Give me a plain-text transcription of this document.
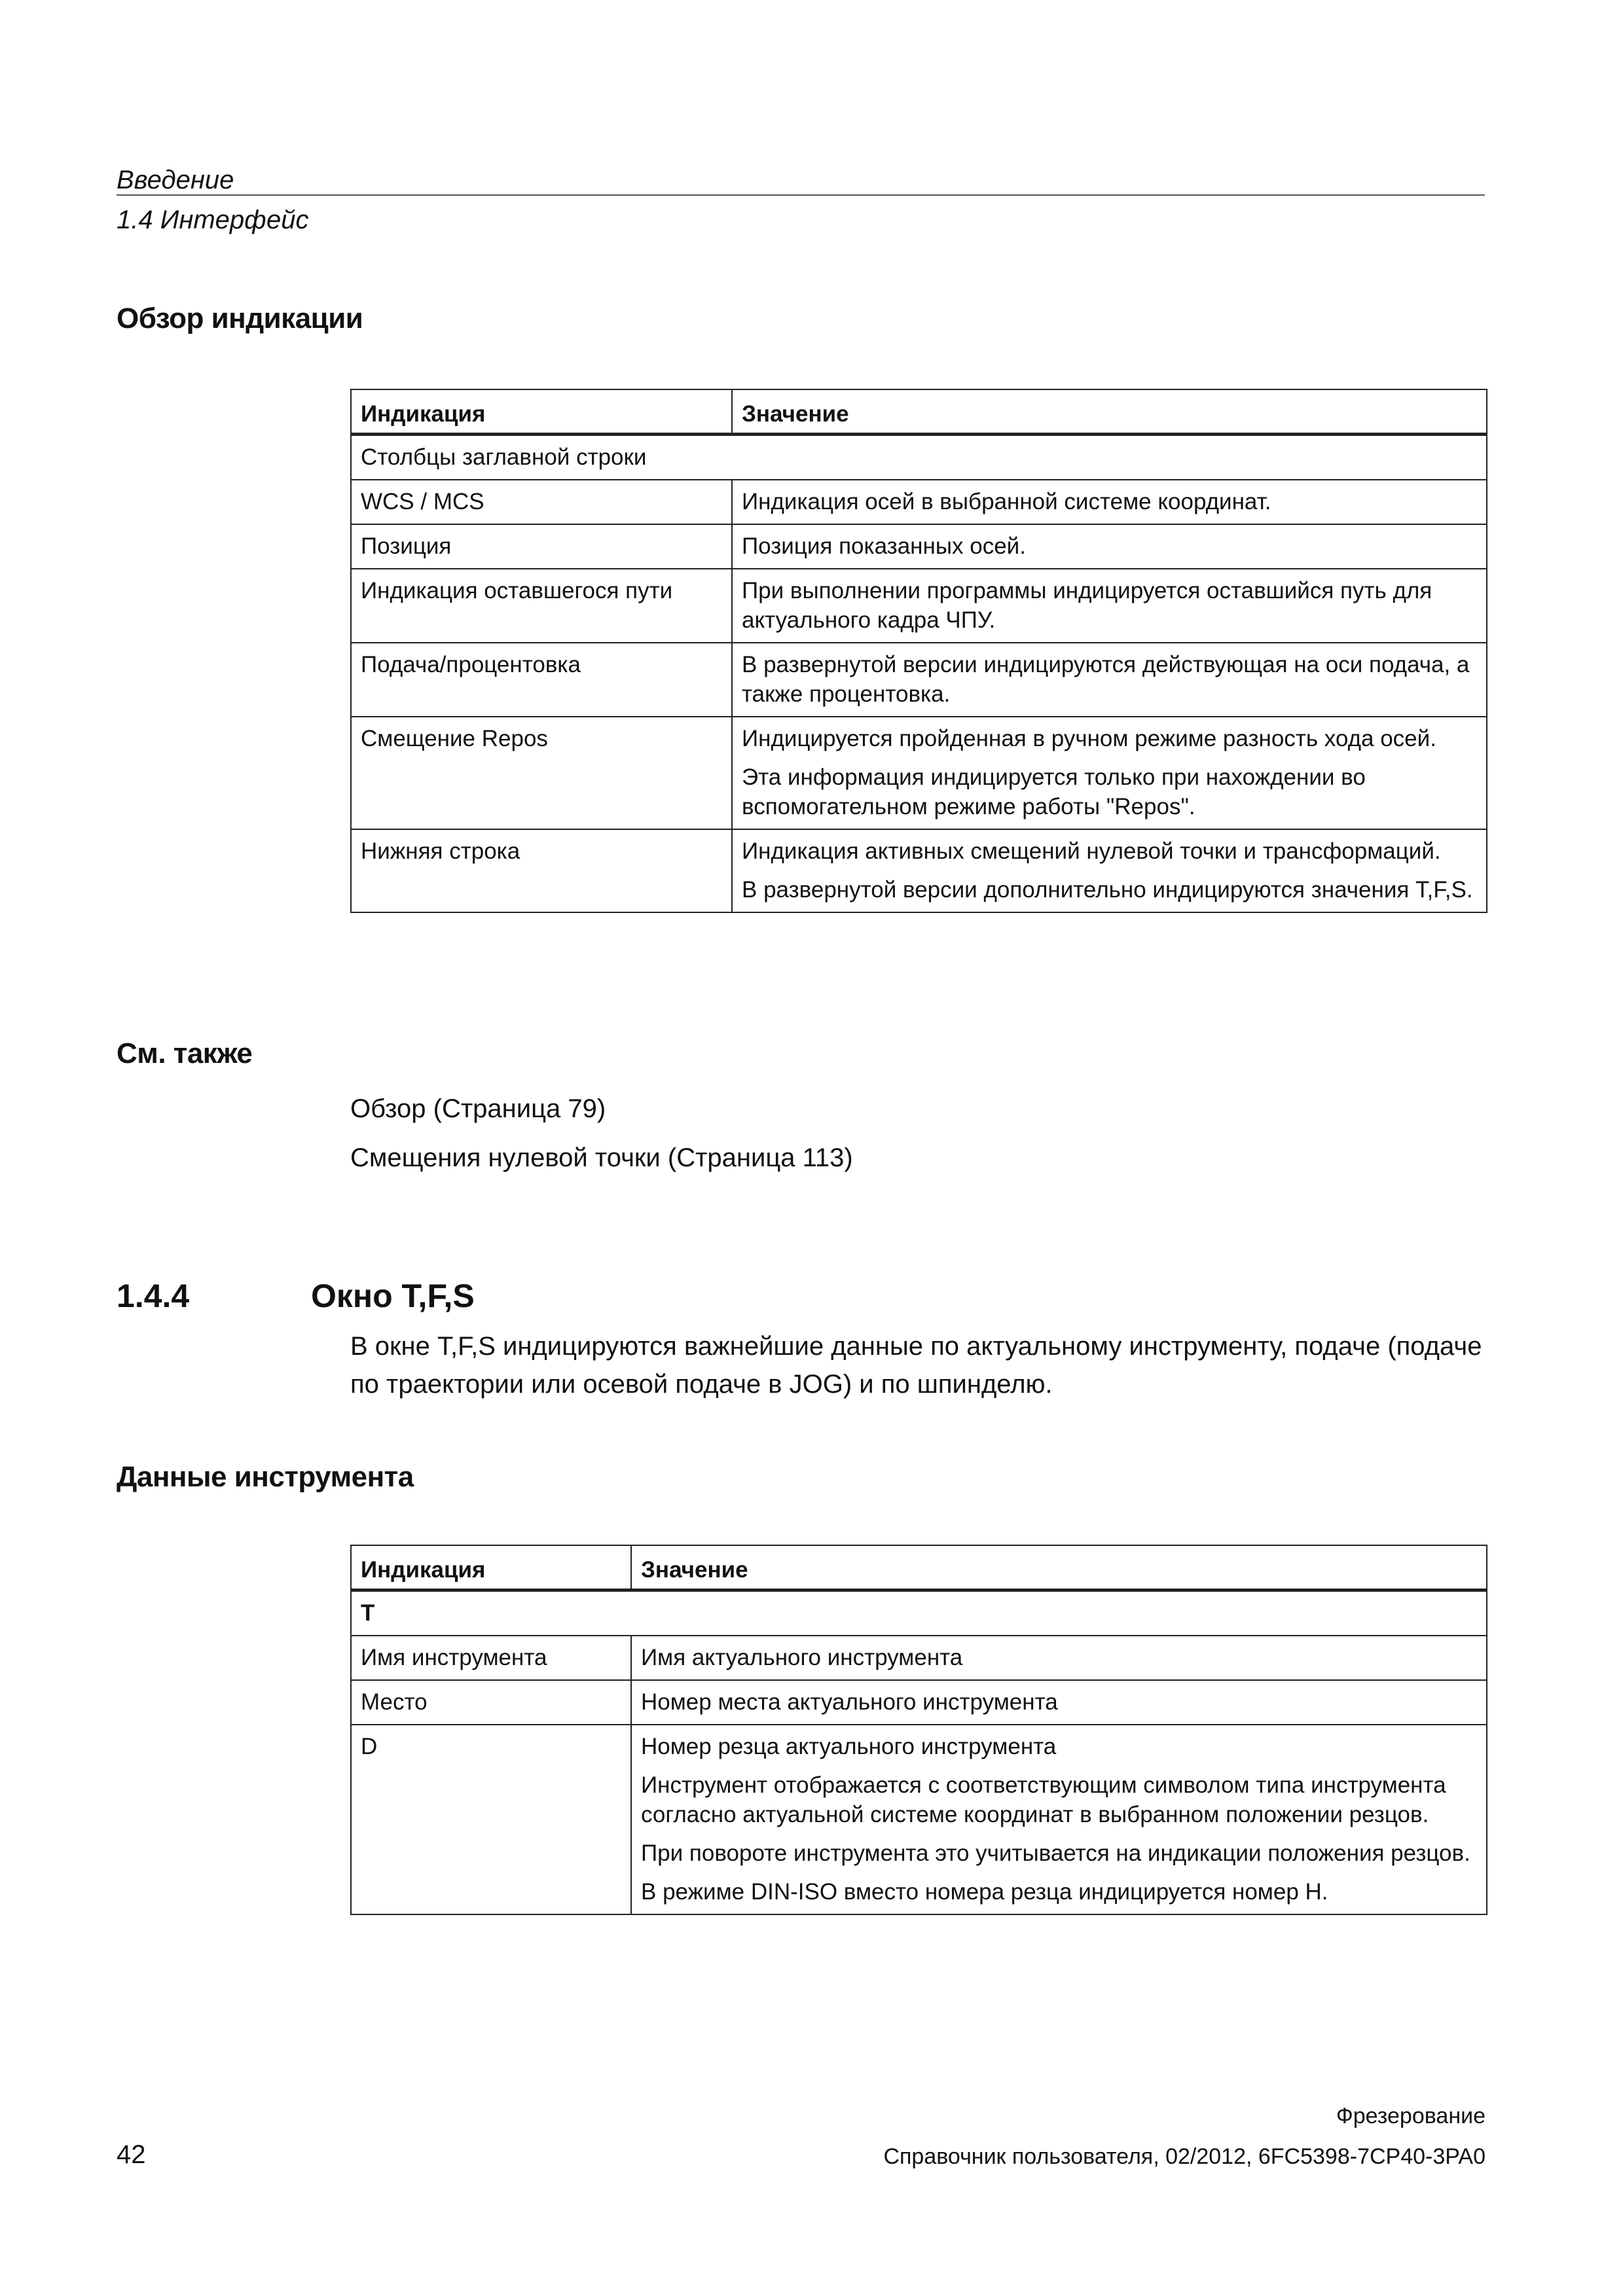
Введение
1.4 Интерфейс
Обзор индикации
Индикация	Значение
Столбцы заглавной строки	
WCS / MCS	Индикация осей в выбранной системе координат.

Позиция	Позиция показанных осей.

Индикация оставшегося пути	При выполнении программы индицируется оставшийся путь для актуального кадра ЧПУ.

Подача/процентовка	В развернутой версии индицируются действующая на оси подача, а также процентовка.

Смещение Repos	Индицируется пройденная в ручном режиме разность хода осей.

Эта информация индицируется только при нахождении во вспомогательном режиме работы "Repos".

Нижняя строка	Индикация активных смещений нулевой точки и трансформаций.

В развернутой версии дополнительно индицируются значения T,F,S.

См. также
Обзор (Страница 79)
Смещения нулевой точки (Страница 113)
1.4.4	Окно T,F,S
В окне T,F,S индицируются важнейшие данные по актуальному инструменту, подаче (подаче по траектории или осевой подаче в JOG) и по шпинделю.
Данные инструмента
Индикация	Значение
T	
Имя инструмента	Имя актуального инструмента

Место	Номер места актуального инструмента

D	Номер резца актуального инструмента

Инструмент отображается с соответствующим символом типа инструмента согласно актуальной системе координат в выбранном положении резцов.

При повороте инструмента это учитывается на индикации положения резцов.

В режиме DIN-ISO вместо номера резца индицируется номер H.

Фрезерование
Справочник пользователя, 02/2012, 6FC5398-7CP40-3PA0
42
